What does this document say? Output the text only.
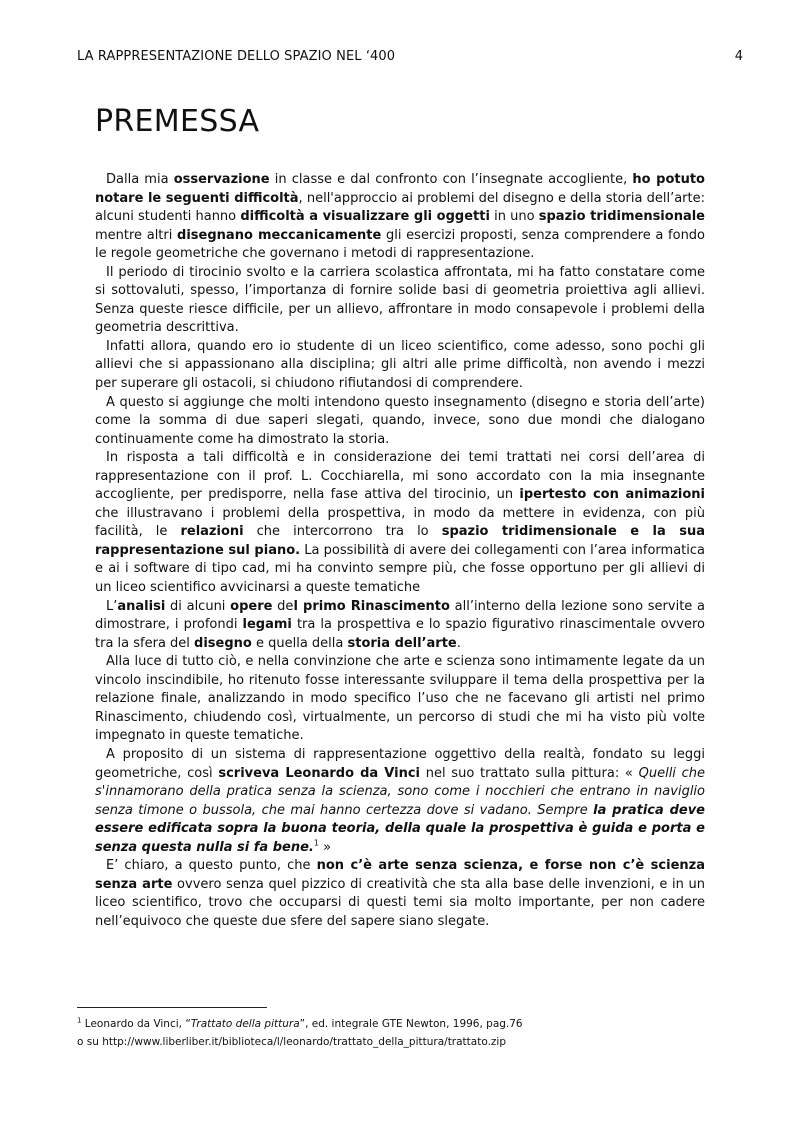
LA RAPPRESENTAZIONE DELLO SPAZIO NEL ‘400	4
PREMESSA

Dalla mia osservazione in classe e dal confronto con l’insegnate accogliente, ho potuto notare le seguenti difficoltà, nell'approccio ai problemi del disegno e della storia dell’arte: alcuni studenti hanno difficoltà a visualizzare gli oggetti in uno spazio tridimensionale mentre altri disegnano meccanicamente gli esercizi proposti, senza comprendere a fondo le regole geometriche che governano i metodi di rappresentazione.

Il periodo di tirocinio svolto e la carriera scolastica affrontata, mi ha fatto constatare come si sottovaluti, spesso, l’importanza di fornire solide basi di geometria proiettiva agli allievi. Senza queste riesce difficile, per un allievo, affrontare in modo consapevole i problemi della geometria descrittiva.

Infatti allora, quando ero io studente di un liceo scientifico, come adesso, sono pochi gli allievi che si appassionano alla disciplina; gli altri alle prime difficoltà, non avendo i mezzi per superare gli ostacoli, si chiudono rifiutandosi di comprendere.

A questo si aggiunge che molti intendono questo insegnamento (disegno e storia dell’arte) come la somma di due saperi slegati, quando, invece, sono due mondi che dialogano continuamente come ha dimostrato la storia.

In risposta a tali difficoltà e in considerazione dei temi trattati nei corsi dell’area di rappresentazione con il prof. L. Cocchiarella, mi sono accordato con la mia insegnante accogliente, per predisporre, nella fase attiva del tirocinio, un ipertesto con animazioni che illustravano i problemi della prospettiva, in modo da mettere in evidenza, con più facilità, le relazioni che intercorrono tra lo spazio tridimensionale e la sua rappresentazione sul piano. La possibilità di avere dei collegamenti con l’area informatica e ai i software di tipo cad, mi ha convinto sempre più, che fosse opportuno per gli allievi di un liceo scientifico avvicinarsi a queste tematiche

L’analisi di alcuni opere del primo Rinascimento all’interno della lezione sono servite a dimostrare, i profondi legami tra la prospettiva e lo spazio figurativo rinascimentale ovvero tra la sfera del disegno e quella della storia dell’arte.

Alla luce di tutto ciò, e nella convinzione che arte e scienza sono intimamente legate da un vincolo inscindibile, ho ritenuto fosse interessante sviluppare il tema della prospettiva per la relazione finale, analizzando in modo specifico l’uso che ne facevano gli artisti nel primo Rinascimento, chiudendo così, virtualmente, un percorso di studi che mi ha visto più volte impegnato in queste tematiche.

A proposito di un sistema di rappresentazione oggettivo della realtà, fondato su leggi geometriche, così scriveva Leonardo da Vinci nel suo trattato sulla pittura: « Quelli che s'innamorano della pratica senza la scienza, sono come i nocchieri che entrano in naviglio senza timone o bussola, che mai hanno certezza dove si vadano. Sempre la pratica deve essere edificata sopra la buona teoria, della quale la prospettiva è guida e porta e senza questa nulla si fa bene.$^1$ »

E’ chiaro, a questo punto, che non c’è arte senza scienza, e forse non c’è scienza senza arte ovvero senza quel pizzico di creatività che sta alla base delle invenzioni, e in un liceo scientifico, trovo che occuparsi di questi temi sia molto importante, per non cadere nell’equivoco che queste due sfere del sapere siano slegate.

$^1$ Leonardo da Vinci, “Trattato della pittura”, ed. integrale GTE Newton, 1996, pag.76
o su http://www.liberliber.it/biblioteca/l/leonardo/trattato_della_pittura/trattato.zip
